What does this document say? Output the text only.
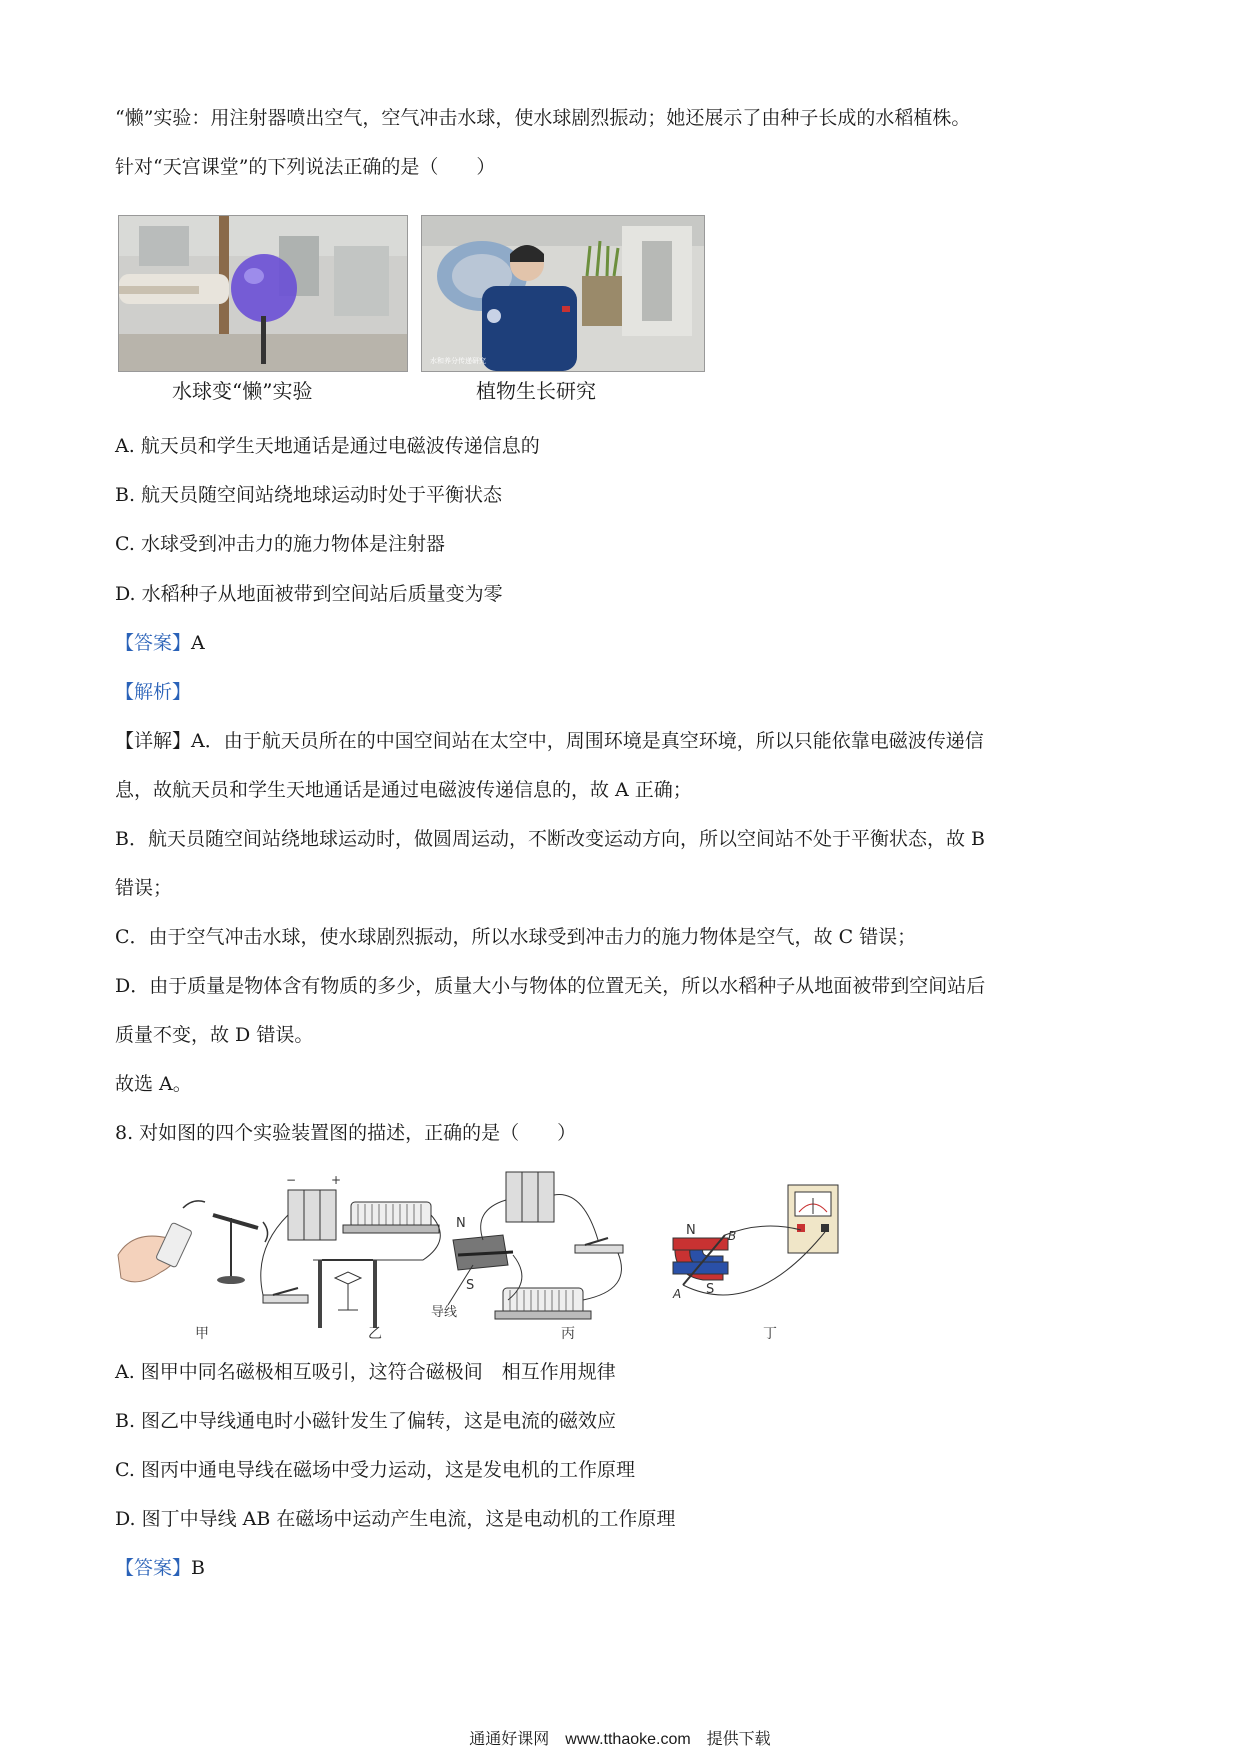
“懒”实验：用注射器喷出空气，空气冲击水球，使水球剧烈振动；她还展示了由种子长成的水稻植株。
针对“天宫课堂”的下列说法正确的是（　　）
水球变“懒”实验
水和养分传递研究
植物生长研究
A. 航天员和学生天地通话是通过电磁波传递信息的
B. 航天员随空间站绕地球运动时处于平衡状态
C. 水球受到冲击力的施力物体是注射器
D. 水稻种子从地面被带到空间站后质量变为零
【答案】A
【解析】
【详解】A．由于航天员所在的中国空间站在太空中，周围环境是真空环境，所以只能依靠电磁波传递信
息，故航天员和学生天地通话是通过电磁波传递信息的，故 A 正确；
B．航天员随空间站绕地球运动时，做圆周运动，不断改变运动方向，所以空间站不处于平衡状态，故 B
错误；
C．由于空气冲击水球，使水球剧烈振动，所以水球受到冲击力的施力物体是空气，故 C 错误；
D．由于质量是物体含有物质的多少，质量大小与物体的位置无关，所以水稻种子从地面被带到空间站后
质量不变，故 D 错误。
故选 A。
8. 对如图的四个实验装置图的描述，正确的是（　　）
−	+
N
S
导线
N
S
A
B
甲	乙	丙	丁
A. 图甲中同名磁极相互吸引，这符合磁极间　相互作用规律
B. 图乙中导线通电时小磁针发生了偏转，这是电流的磁效应
C. 图丙中通电导线在磁场中受力运动，这是发电机的工作原理
D. 图丁中导线 AB 在磁场中运动产生电流，这是电动机的工作原理
【答案】B
通通好课网　www.tthaoke.com　提供下载
